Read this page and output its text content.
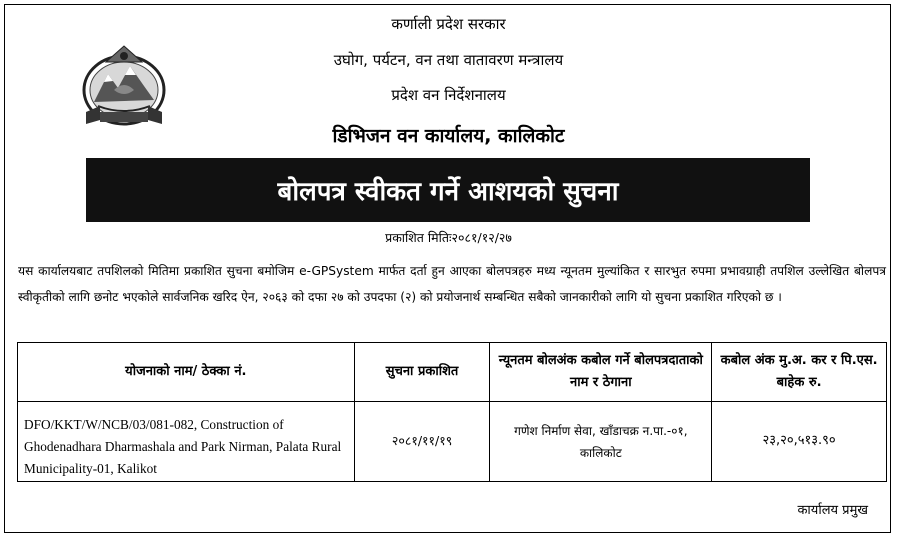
कर्णाली प्रदेश सरकार
उघोग, पर्यटन, वन तथा वातावरण मन्त्रालय
प्रदेश वन निर्देशनालय
डिभिजन वन कार्यालय, कालिकोट
बोलपत्र स्वीकत गर्ने आशयको सुचना
प्रकाशित मितिः२०८१/१२/२७
यस कार्यालयबाट तपशिलको मितिमा प्रकाशित सुचना बमोजिम e-GPSystem मार्फत दर्ता हुन आएका बोलपत्रहरु मध्य न्यूनतम मुल्यांकित र सारभुत रुपमा प्रभावग्राही तपशिल उल्लेखित बोलपत्र स्वीकृतीको लागि छनोट भएकोले सार्वजनिक खरिद ऐन, २०६३ को दफा २७ को उपदफा (२) को प्रयोजनार्थ सम्बन्धित सबैको जानकारीको लागि यो सुचना प्रकाशित गरिएको छ ।
योजनाको नाम/ ठेक्का नं.	सुचना प्रकाशित	न्यूनतम बोलअंक कबोल गर्ने बोलपत्रदाताको नाम र ठेगाना	कबोल अंक मु.अ. कर र पि.एस. बाहेक रु.
DFO/KKT/W/NCB/03/081-082, Construction of Ghodenadhara Dharmashala and Park Nirman, Palata Rural Municipality-01, Kalikot	२०८१/११/१९	गणेश निर्माण सेवा, खाँडाचक्र न.पा.-०१, कालिकोट	२३,२०,५१३.९०
कार्यालय प्रमुख
